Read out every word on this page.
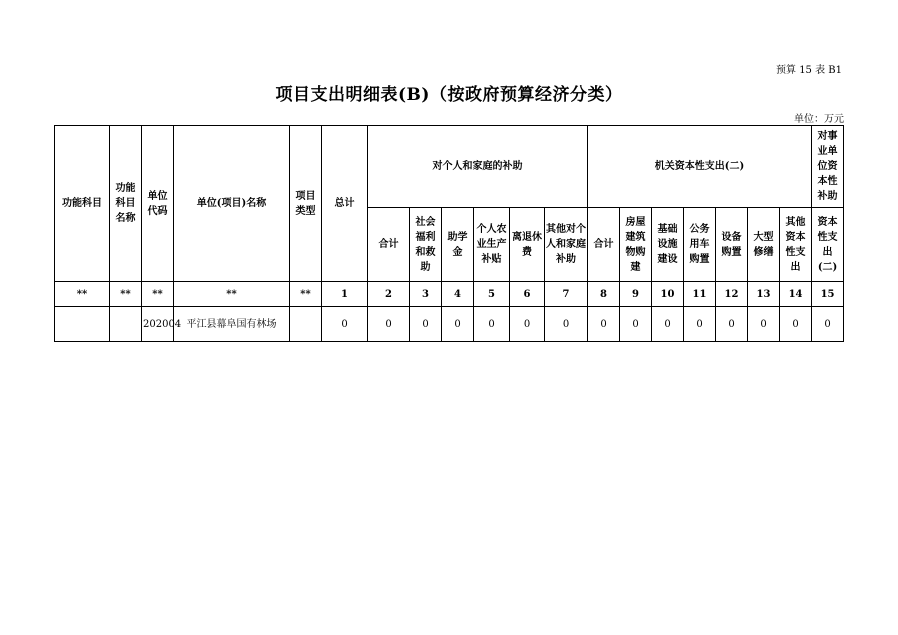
预算 15 表 B1
项目支出明细表(B)（按政府预算经济分类）
单位：万元
功能科目	功能科目名称	单位代码	单位(项目)名称	项目类型	总计	对个人和家庭的补助						机关资本性支出(二)							对事业单位资本性补助
						合计	社会福利和救助	助学金	个人农业生产补贴	离退休费	其他对个人和家庭补助	合计	房屋建筑物购建	基础设施建设	公务用车购置	设备购置	大型修缮	其他资本性支出	资本性支出(二)
**	**	**	**	**	1	2	3	4	5	6	7	8	9	10	11	12	13	14	15
		202004	平江县幕阜国有林场		0	0	0	0	0	0	0	0	0	0	0	0	0	0	0
